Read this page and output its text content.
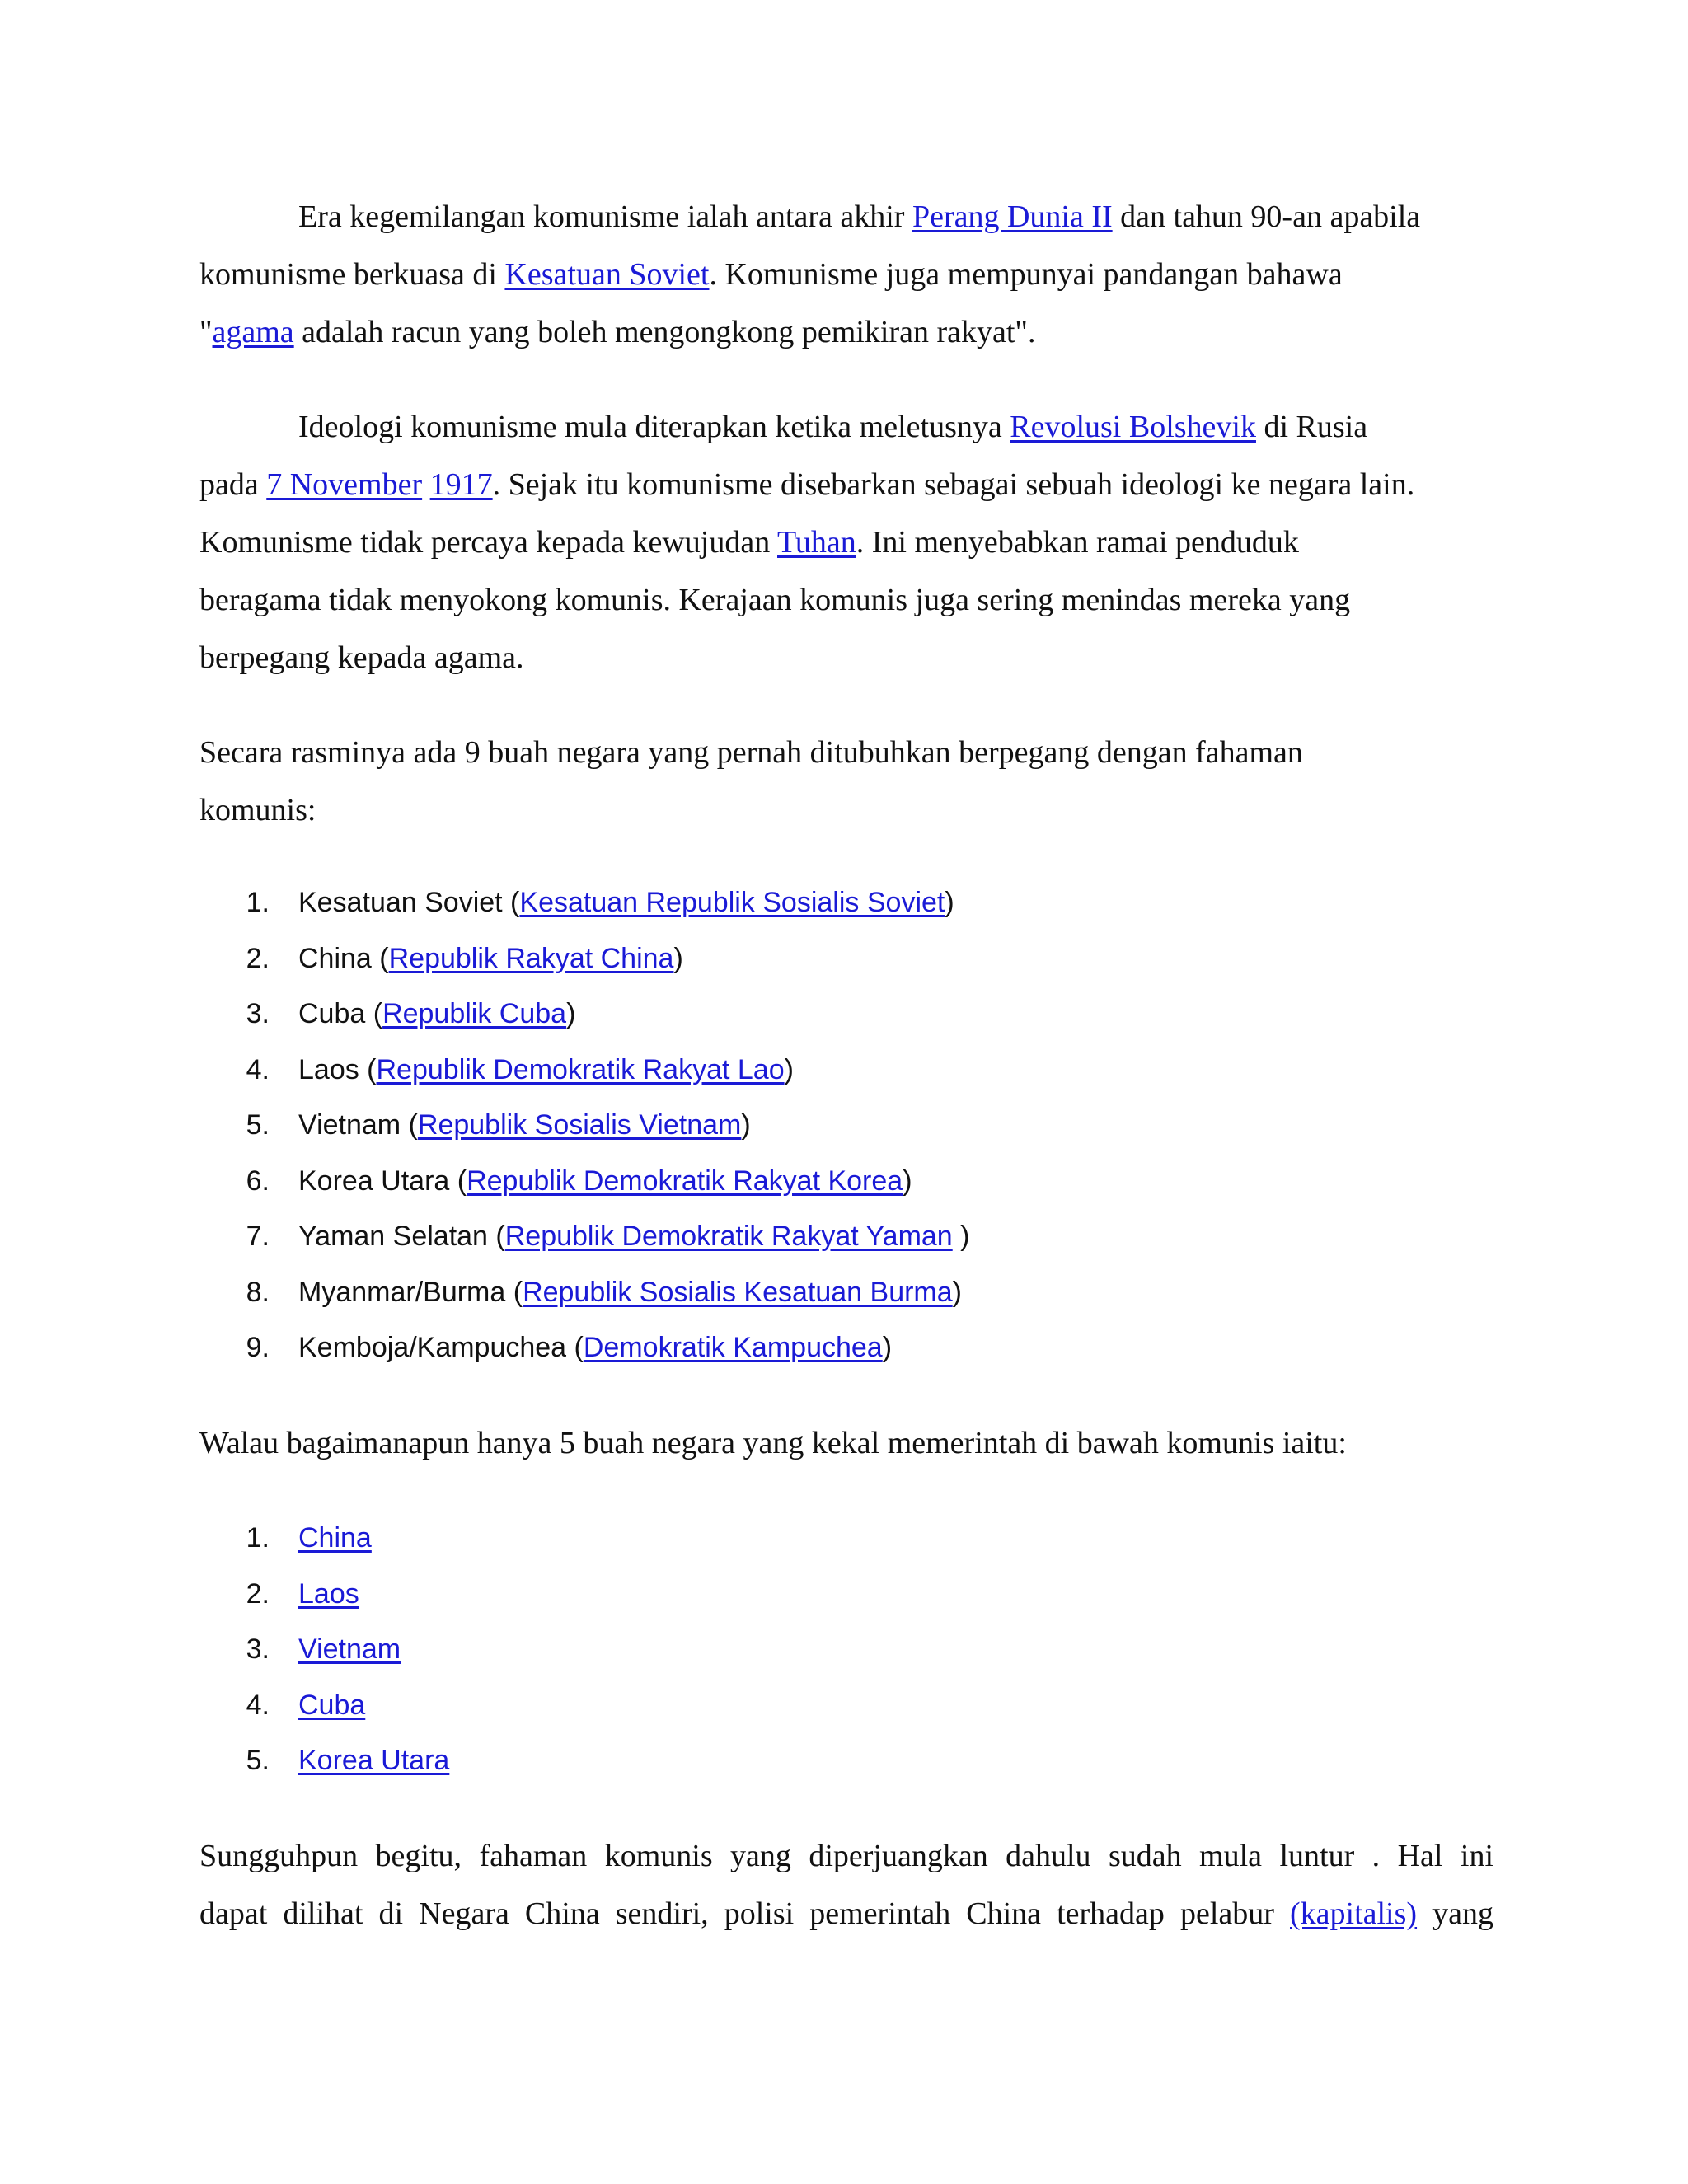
Era kegemilangan komunisme ialah antara akhir Perang Dunia II dan tahun 90-an apabila
komunisme berkuasa di Kesatuan Soviet. Komunisme juga mempunyai pandangan bahawa
"agama adalah racun yang boleh mengongkong pemikiran rakyat".

Ideologi komunisme mula diterapkan ketika meletusnya Revolusi Bolshevik di Rusia
pada 7 November 1917. Sejak itu komunisme disebarkan sebagai sebuah ideologi ke negara lain.
Komunisme tidak percaya kepada kewujudan Tuhan. Ini menyebabkan ramai penduduk
beragama tidak menyokong komunis. Kerajaan komunis juga sering menindas mereka yang
berpegang kepada agama.

Secara rasminya ada 9 buah negara yang pernah ditubuhkan berpegang dengan fahaman
komunis:

1. Kesatuan Soviet (Kesatuan Republik Sosialis Soviet)
2. China (Republik Rakyat China)
3. Cuba (Republik Cuba)
4. Laos (Republik Demokratik Rakyat Lao)
5. Vietnam (Republik Sosialis Vietnam)
6. Korea Utara (Republik Demokratik Rakyat Korea)
7. Yaman Selatan (Republik Demokratik Rakyat Yaman )
8. Myanmar/Burma (Republik Sosialis Kesatuan Burma)
9. Kemboja/Kampuchea (Demokratik Kampuchea)

Walau bagaimanapun hanya 5 buah negara yang kekal memerintah di bawah komunis iaitu:

1. China
2. Laos
3. Vietnam
4. Cuba
5. Korea Utara

Sungguhpun begitu, fahaman komunis yang diperjuangkan dahulu sudah mula luntur . Hal ini
dapat dilihat di Negara China sendiri, polisi pemerintah China terhadap pelabur (kapitalis) yang
